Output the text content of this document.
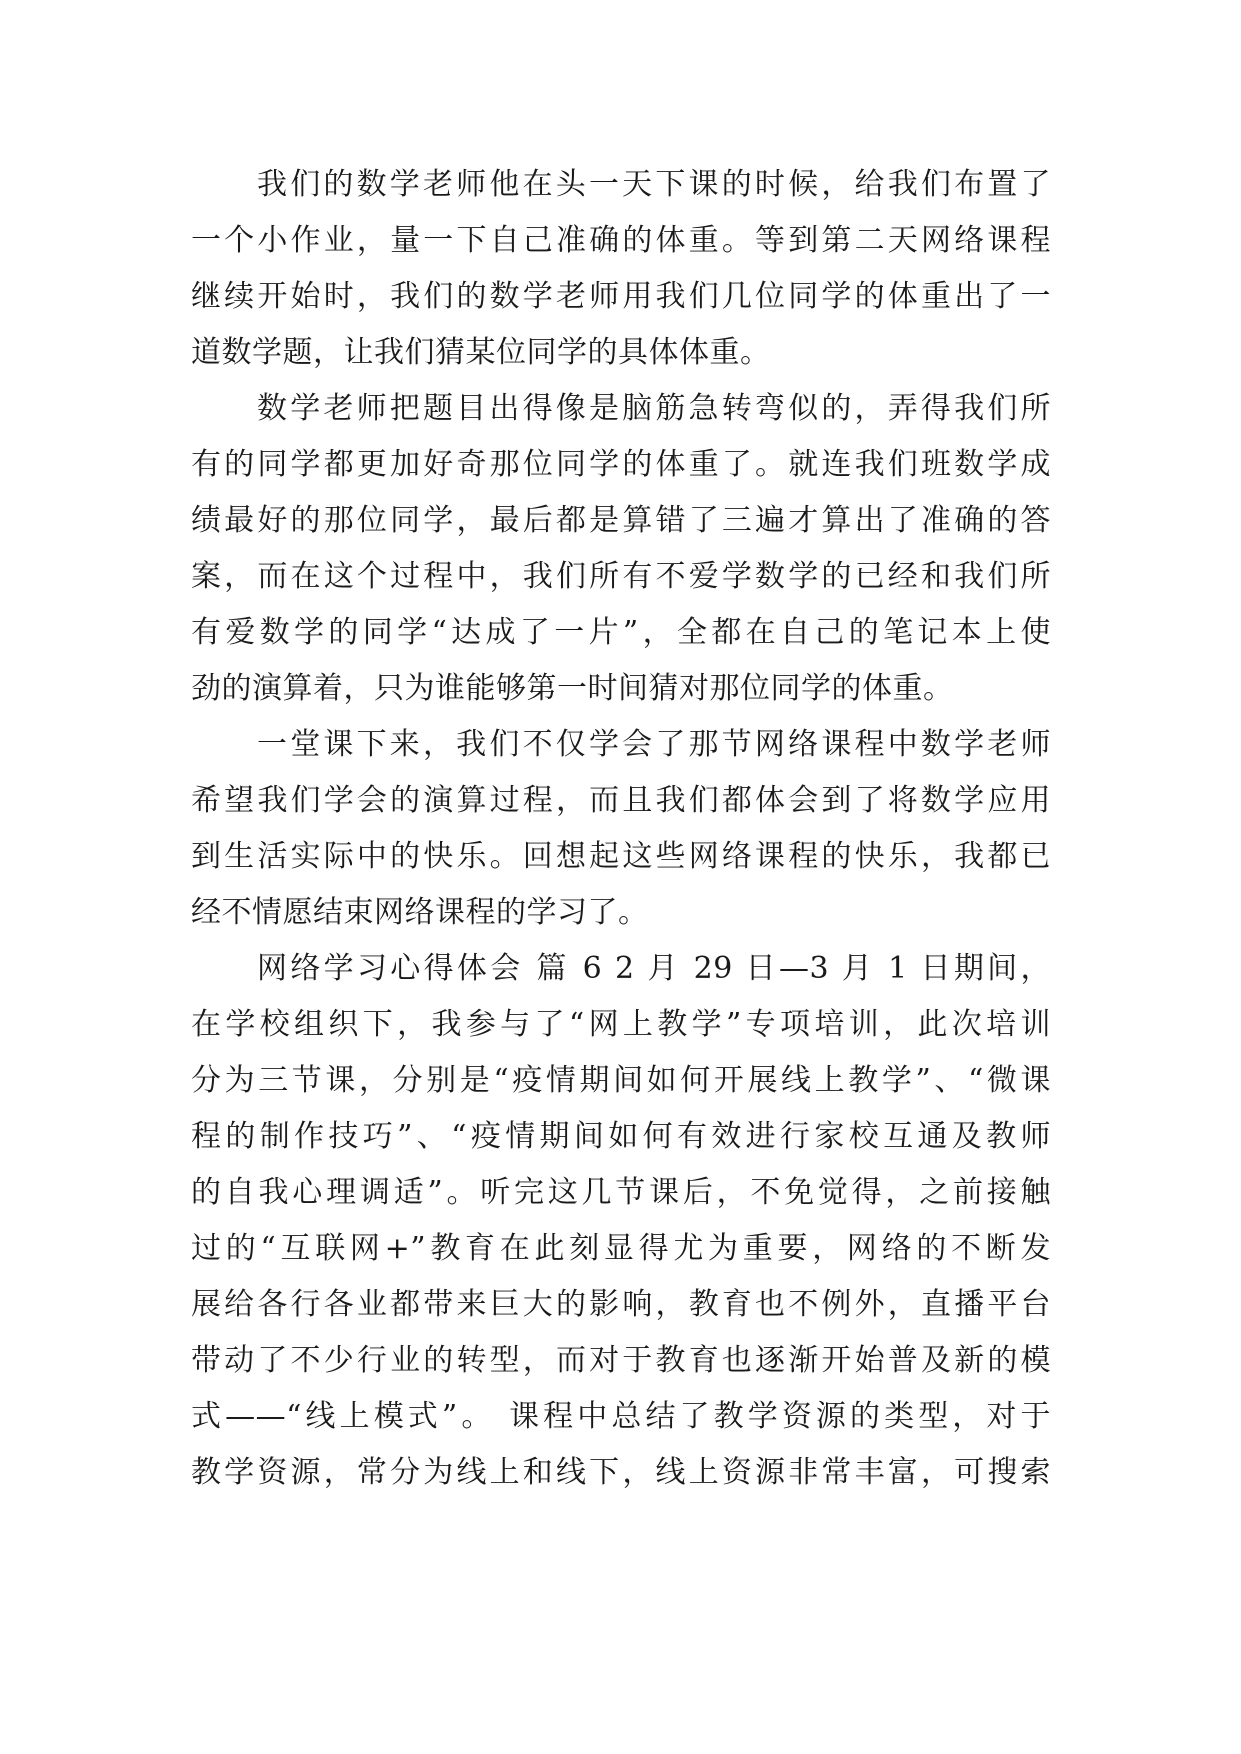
我们的数学老师他在头一天下课的时候，给我们布置了
一个小作业，量一下自己准确的体重。等到第二天网络课程
继续开始时，我们的数学老师用我们几位同学的体重出了一
道数学题，让我们猜某位同学的具体体重。
数学老师把题目出得像是脑筋急转弯似的，弄得我们所
有的同学都更加好奇那位同学的体重了。就连我们班数学成
绩最好的那位同学，最后都是算错了三遍才算出了准确的答
案，而在这个过程中，我们所有不爱学数学的已经和我们所
有爱数学的同学“达成了一片”，全都在自己的笔记本上使
劲的演算着，只为谁能够第一时间猜对那位同学的体重。
一堂课下来，我们不仅学会了那节网络课程中数学老师
希望我们学会的演算过程，而且我们都体会到了将数学应用
到生活实际中的快乐。回想起这些网络课程的快乐，我都已
经不情愿结束网络课程的学习了。
网络学习心得体会 篇 6 2 月 29 日—3 月 1 日期间，
在学校组织下，我参与了“网上教学”专项培训，此次培训
分为三节课，分别是“疫情期间如何开展线上教学”、“微课
程的制作技巧”、“疫情期间如何有效进行家校互通及教师
的自我心理调适”。听完这几节课后，不免觉得，之前接触
过的“互联网+”教育在此刻显得尤为重要，网络的不断发
展给各行各业都带来巨大的影响，教育也不例外，直播平台
带动了不少行业的转型，而对于教育也逐渐开始普及新的模
式——“线上模式”。 课程中总结了教学资源的类型，对于
教学资源，常分为线上和线下，线上资源非常丰富，可搜索
